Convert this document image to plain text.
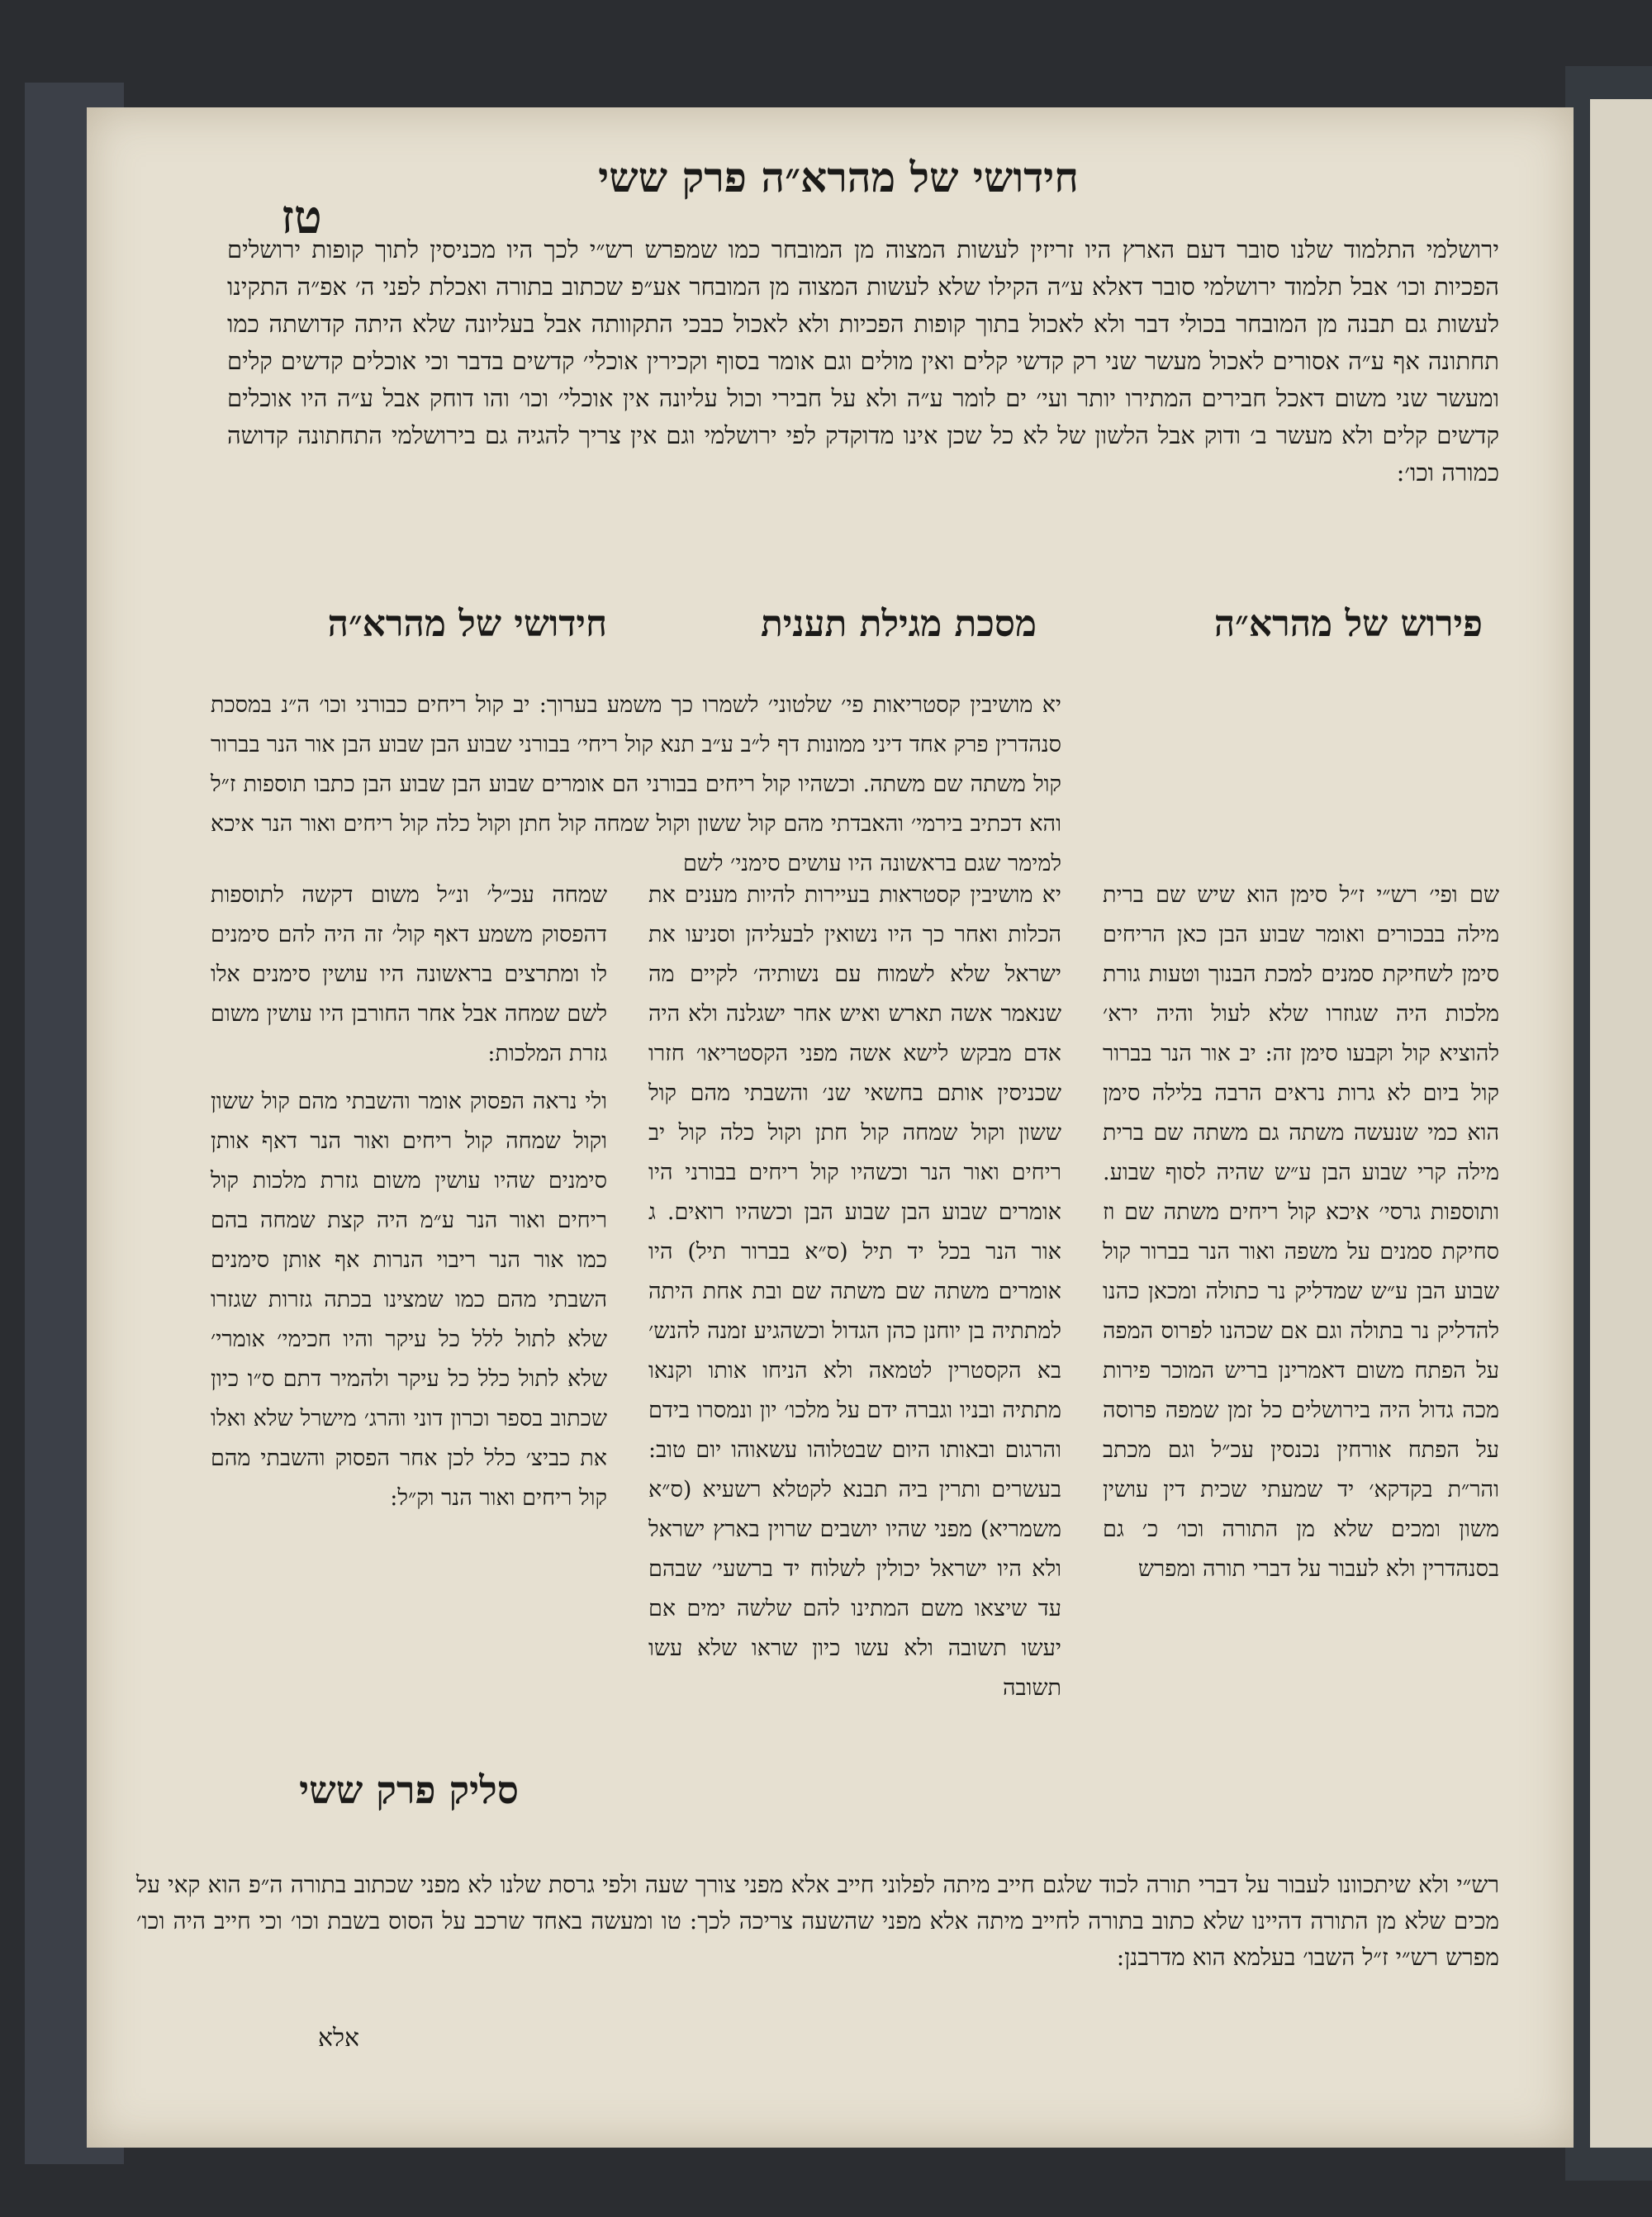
חידושי של מהרא״ה פרק ששי
טז
ירושלמי התלמוד שלנו סובר דעם הארץ היו זריזין לעשות המצוה מן המובחר כמו שמפרש רש״י לכך היו מכניסין לתוך קופות ירושלים הפכיות וכו׳ אבל תלמוד ירושלמי סובר דאלא ע״ה הקילו שלא לעשות המצוה מן המובחר אע״פ שכתוב בתורה ואכלת לפני ה׳ אפ״ה התקינו לעשות גם תבנה מן המובחר בכולי דבר ולא לאכול בתוך קופות הפכיות ולא לאכול כבכי התקוותה אבל בעליונה שלא היתה קדושתה כמו תחתונה אף ע״ה אסורים לאכול מעשר שני רק קדשי קלים ואין מולים וגם אומר בסוף וקכירין אוכלי׳ קדשים בדבר וכי אוכלים קדשים קלים ומעשר שני משום דאכל חבירים המתירו יותר ועי׳ ים לומר ע״ה ולא על חבירי וכול עליונה אין אוכלי׳ וכו׳ והו דוחק אבל ע״ה היו אוכלים קדשים קלים ולא מעשר ב׳ ודוק אבל הלשון של לא כל שכן אינו מדוקדק לפי ירושלמי וגם אין צריך להגיה גם בירושלמי התחתונה קדושה כמורה וכו׳:
פירוש של מהרא״ה
מסכת מגילת תענית
חידושי של מהרא״ה
יא מושיבין קסטריאות פי׳ שלטוני׳ לשמרו כך משמע בערוך: יב קול ריחים כבורני וכו׳ ה״נ במסכת סנהדרין פרק אחד דיני ממונות דף ל״ב ע״ב תנא קול ריחי׳ בבורני שבוע הבן שבוע הבן אור הנר בברור קול משתה שם משתה. וכשהיו קול ריחים בבורני הם אומרים שבוע הבן שבוע הבן כתבו תוספות ז״ל והא דכתיב בירמי׳ והאבדתי מהם קול ששון וקול שמחה קול חתן וקול כלה קול ריחים ואור הנר איכא למימר שגם בראשונה היו עושים סימני׳ לשם

שם ופי׳ רש״י ז״ל סימן הוא שיש שם ברית מילה בבכורים ואומר שבוע הבן כאן הריחים סימן לשחיקת סמנים למכת הבנוך וטעות גורת מלכות היה שגוזרו שלא לעול והיה ירא׳ להוציא קול וקבעו סימן זה: יב אור הנר בברור קול ביום לא גרות נראים הרבה בלילה סימן הוא כמי שנעשה משתה גם משתה שם ברית מילה קרי שבוע הבן ע״ש שהיה לסוף שבוע. ותוספות גרסי׳ איכא קול ריחים משתה שם וז סחיקת סמנים על משפה ואור הנר בברור קול שבוע הבן ע״ש שמדליק נר כתולה ומכאן כהנו להדליק נר בתולה וגם אם שכהנו לפרוס המפה על הפתח משום דאמרינן בריש המוכר פירות מכה גדול היה בירושלים כל זמן שמפה פרוסה על הפתח אורחין נכנסין עכ״ל וגם מכתב והר״ת בקדקא׳ יד שמעתי שכית דין עושין משון ומכים שלא מן התורה וכו׳ כ׳ גם בסנהדרין ולא לעבור על דברי תורה ומפרש

יא מושיבין קסטראות בעיירות להיות מענים את הכלות ואחר כך היו נשואין לבעליהן וסניעו את ישראל שלא לשמוח עם נשותיה׳ לקיים מה שנאמר אשה תארש ואיש אחר ישגלנה ולא היה אדם מבקש לישא אשה מפני הקסטריאו׳ חזרו שכניסין אותם בחשאי שנ׳ והשבתי מהם קול ששון וקול שמחה קול חתן וקול כלה קול יב ריחים ואור הנר וכשהיו קול ריחים בבורני היו אומרים שבוע הבן שבוע הבן וכשהיו רואים. ג אור הנר בכל יד תיל (ס״א בברור תיל) היו אומרים משתה שם משתה שם ובת אחת היתה למתתיה בן יוחנן כהן הגדול וכשהגיע זמנה להנש׳ בא הקסטרין לטמאה ולא הניחו אותו וקנאו מתתיה ובניו וגברה ידם על מלכו׳ יון ונמסרו בידם והרגום ובאותו היום שבטלוהו עשאוהו יום טוב: בעשרים ותרין ביה תבנא לקטלא רשעיא (ס״א משמריא) מפני שהיו יושבים שרוין בארץ ישראל ולא היו ישראל יכולין לשלוח יד ברשעי׳ שבהם עד שיצאו משם המתינו להם שלשה ימים אם יעשו תשובה ולא עשו כיון שראו שלא עשו תשובה

שמחה עכ״ל׳ ונ״ל משום דקשה לתוספות דהפסוק משמע דאף קול׳ זה היה להם סימנים לו ומתרצים בראשונה היו עושין סימנים אלו לשם שמחה אבל אחר החורבן היו עושין משום גזרת המלכות:

ולי נראה הפסוק אומר והשבתי מהם קול ששון וקול שמחה קול ריחים ואור הנר דאף אותן סימנים שהיו עושין משום גזרת מלכות קול ריחים ואור הנר ע״מ היה קצת שמחה בהם כמו אור הנר ריבוי הנרות אף אותן סימנים השבתי מהם כמו שמצינו בכתה גזרות שגזרו שלא לתול ללל כל עיקר והיו חכימי׳ אומרי׳ שלא לתול כלל כל עיקר ולהמיר דתם ס״ו כיון שכתוב בספר וכרון דוני והרג׳ מישרל שלא ואלו את כביצ׳ כלל לכן אחר הפסוק והשבתי מהם קול ריחים ואור הנר וק״ל:

סליק פרק ששי
רש״י ולא שיתכוונו לעבור על דברי תורה לכוד שלגם חייב מיתה לפלוני חייב אלא מפני צורך שעה ולפי גרסת שלנו לא מפני שכתוב בתורה ה״פ הוא קאי על מכים שלא מן התורה דהיינו שלא כתוב בתורה לחייב מיתה אלא מפני שהשעה צריכה לכך: טו ומעשה באחד שרכב על הסוס בשבת וכו׳ וכי חייב היה וכו׳ מפרש רש״י ז״ל השבו׳ בעלמא הוא מדרבנן:
אלא
